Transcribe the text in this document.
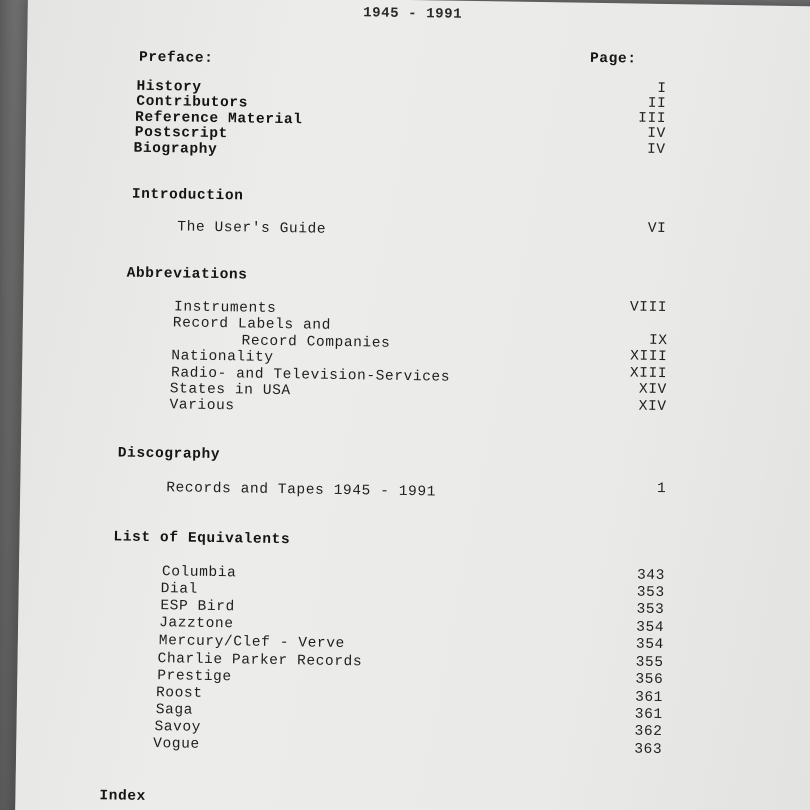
1945 - 1991
Preface:	Page:
History	I
Contributors	II
Reference Material	III
Postscript	IV
Biography	IV
Introduction
The User's Guide	VI
Abbreviations
Instruments	VIII
Record Labels and
Record Companies	IX
Nationality	XIII
Radio- and Television-Services	XIII
States in USA	XIV
Various	XIV
Discography
Records and Tapes 1945 - 1991	1
List of Equivalents
Columbia	343
Dial	353
ESP Bird	353
Jazztone	354
Mercury/Clef - Verve	354
Charlie Parker Records	355
Prestige	356
Roost	361
Saga	361
Savoy	362
Vogue	363
Index
